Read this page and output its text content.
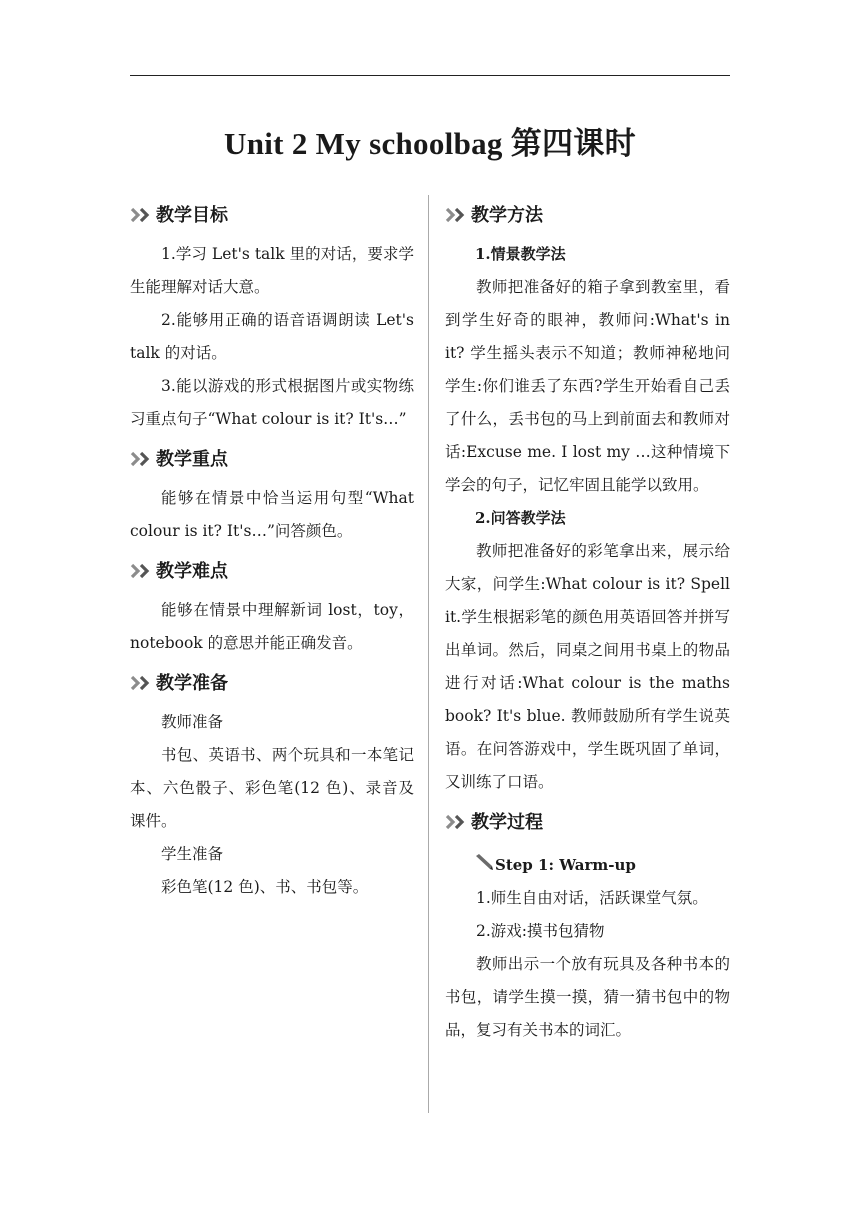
Unit 2 My schoolbag 第四课时
教学目标

1.学习 Let's talk 里的对话，要求学生能理解对话大意。

2.能够用正确的语音语调朗读 Let's talk 的对话。

3.能以游戏的形式根据图片或实物练习重点句子“What colour is it? It's…”

教学重点

能够在情景中恰当运用句型“What colour is it? It's…”问答颜色。

教学难点

能够在情景中理解新词 lost，toy，notebook 的意思并能正确发音。

教学准备

教师准备

书包、英语书、两个玩具和一本笔记本、六色骰子、彩色笔(12 色)、录音及课件。

学生准备

彩色笔(12 色)、书、书包等。

教学方法
1.情景教学法

教师把准备好的箱子拿到教室里，看到学生好奇的眼神，教师问:What's in it? 学生摇头表示不知道；教师神秘地问学生:你们谁丢了东西?学生开始看自己丢了什么，丢书包的马上到前面去和教师对话:Excuse me. I lost my …这种情境下学会的句子，记忆牢固且能学以致用。

2.问答教学法

教师把准备好的彩笔拿出来，展示给大家，问学生:What colour is it? Spell it.学生根据彩笔的颜色用英语回答并拼写出单词。然后，同桌之间用书桌上的物品进行对话:What colour is the maths book? It's blue. 教师鼓励所有学生说英语。在问答游戏中，学生既巩固了单词，又训练了口语。

教学过程
Step 1: Warm-up

1.师生自由对话，活跃课堂气氛。

2.游戏:摸书包猜物

教师出示一个放有玩具及各种书本的书包，请学生摸一摸，猜一猜书包中的物品，复习有关书本的词汇。
